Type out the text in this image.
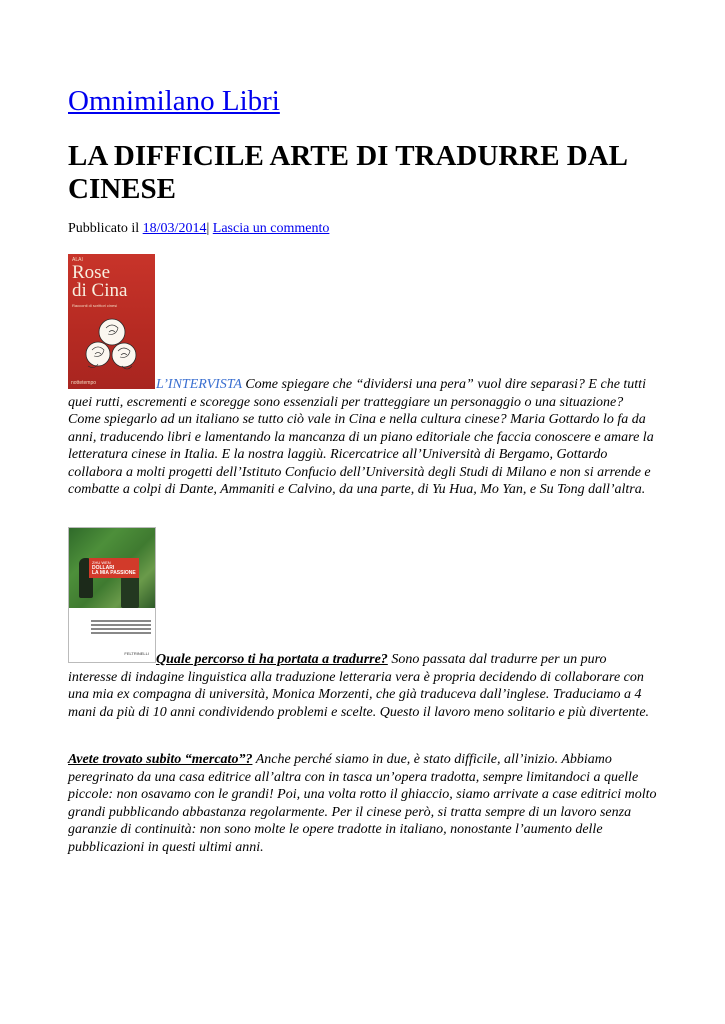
Omnimilano Libri
LA DIFFICILE ARTE DI TRADURRE DAL CINESE
Pubblicato il 18/03/2014| Lascia un commento

L’INTERVISTA Come spiegare che “dividersi una pera” vuol dire separasi? E che tutti quei rutti, escrementi e scoregge sono essenziali per tratteggiare un personaggio o una situazione? Come spiegarlo ad un italiano se tutto ciò vale in Cina e nella cultura cinese? Maria Gottardo lo fa da anni, traducendo libri e lamentando la mancanza di un piano editoriale che faccia conoscere e amare la letteratura cinese in Italia. E la nostra laggiù. Ricercatrice all’Università di Bergamo, Gottardo collabora a molti progetti dell’Istituto Confucio dell’Università degli Studi di Milano e non si arrende e combatte a colpi di Dante, Ammaniti e Calvino, da una parte, di Yu Hua, Mo Yan, e Su Tong dall’altra.

Quale percorso ti ha portata a tradurre? Sono passata dal tradurre per un puro interesse di indagine linguistica alla traduzione letteraria vera è propria decidendo di collaborare con una mia ex compagna di università, Monica Morzenti, che già traduceva dall’inglese. Traduciamo a 4 mani da più di 10 anni condividendo problemi e scelte. Questo il lavoro meno solitario e più divertente.

Avete trovato subito “mercato”? Anche perché siamo in due, è stato difficile, all’inizio. Abbiamo peregrinato da una casa editrice all’altra con in tasca un’opera tradotta, sempre limitandoci a quelle piccole: non osavamo con le grandi! Poi, una volta rotto il ghiaccio, siamo arrivate a case editrici molto grandi pubblicando abbastanza regolarmente. Per il cinese però, si tratta sempre di un lavoro senza garanzie di continuità: non sono molte le opere tradotte in italiano, nonostante l’aumento delle pubblicazioni in questi ultimi anni.

ALAI
Rose
di Cina
Racconti di scrittori cinesi
nottetempo
ZHU WEN
DOLLARI
LA MIA PASSIONE
FELTRINELLI
